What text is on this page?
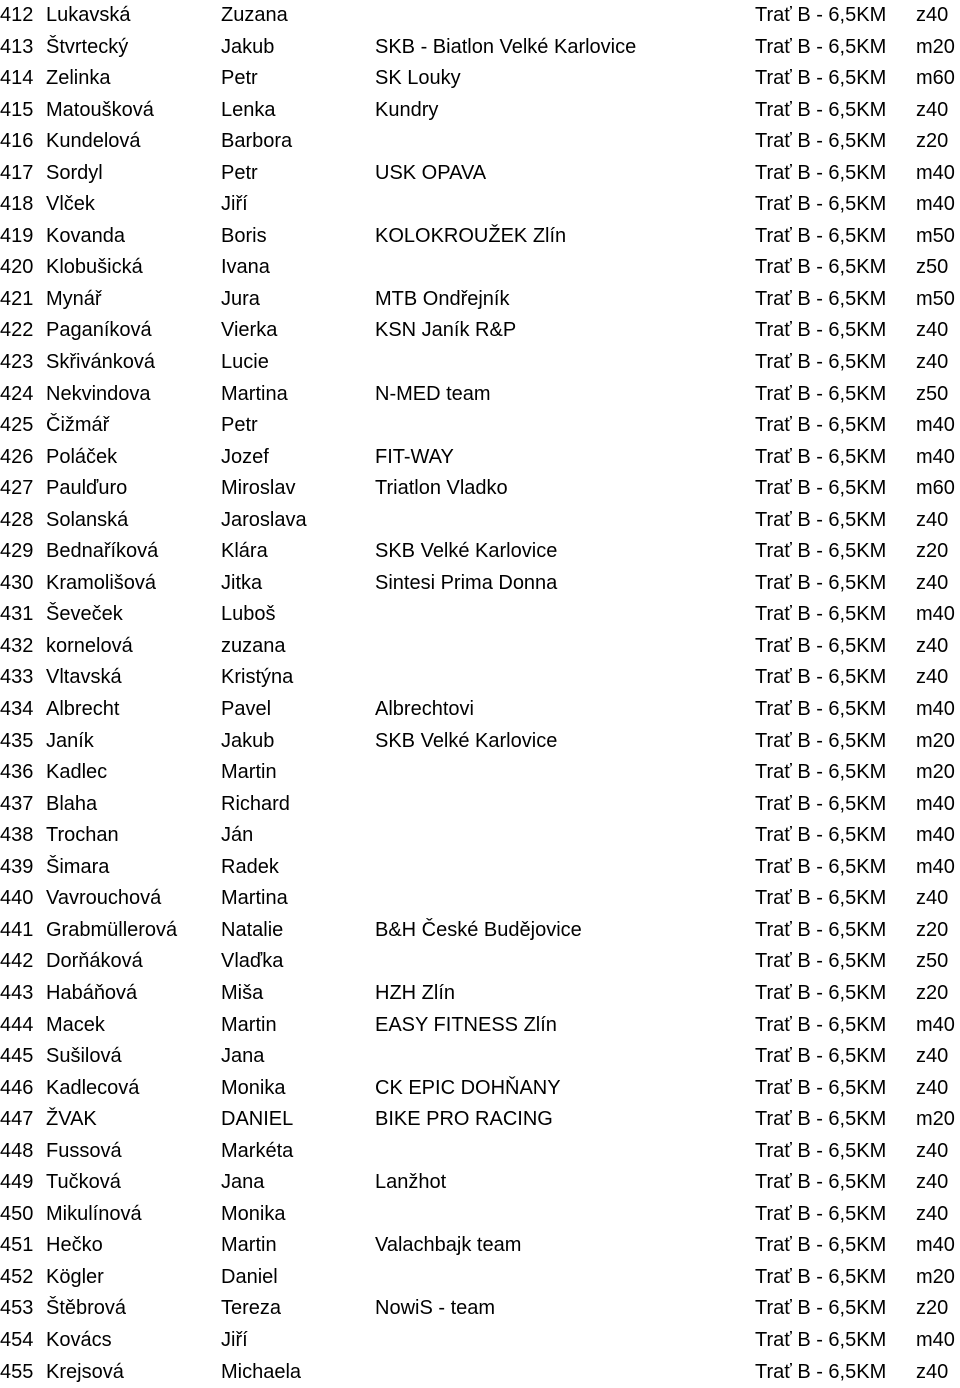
412 Lukavská	Zuzana	Trať B - 6,5KM z40
413 Štvrtecký	Jakub	SKB - Biatlon Velké Karlovice	Trať B - 6,5KM m20
414 Zelinka	Petr	SK Louky	Trať B - 6,5KM m60
415 Matoušková	Lenka	Kundry	Trať B - 6,5KM z40
416 Kundelová	Barbora	Trať B - 6,5KM z20
417 Sordyl	Petr	USK OPAVA	Trať B - 6,5KM m40
418 Vlček	Jiří	Trať B - 6,5KM m40
419 Kovanda	Boris	KOLOKROUŽEK Zlín	Trať B - 6,5KM m50
420 Klobušická	Ivana	Trať B - 6,5KM z50
421 Mynář	Jura	MTB Ondřejník	Trať B - 6,5KM m50
422 Paganíková	Vierka	KSN Janík R&P	Trať B - 6,5KM z40
423 Skřivánková	Lucie	Trať B - 6,5KM z40
424 Nekvindova	Martina	N-MED team	Trať B - 6,5KM z50
425 Čižmář	Petr	Trať B - 6,5KM m40
426 Poláček	Jozef	FIT-WAY	Trať B - 6,5KM m40
427 Paulďuro	Miroslav	Triatlon Vladko	Trať B - 6,5KM m60
428 Solanská	Jaroslava	Trať B - 6,5KM z40
429 Bednaříková	Klára	SKB Velké Karlovice	Trať B - 6,5KM z20
430 Kramolišová	Jitka	Sintesi Prima Donna	Trať B - 6,5KM z40
431 Ševeček	Luboš	Trať B - 6,5KM m40
432 kornelová	zuzana	Trať B - 6,5KM z40
433 Vltavská	Kristýna	Trať B - 6,5KM z40
434 Albrecht	Pavel	Albrechtovi	Trať B - 6,5KM m40
435 Janík	Jakub	SKB Velké Karlovice	Trať B - 6,5KM m20
436 Kadlec	Martin	Trať B - 6,5KM m20
437 Blaha	Richard	Trať B - 6,5KM m40
438 Trochan	Ján	Trať B - 6,5KM m40
439 Šimara	Radek	Trať B - 6,5KM m40
440 Vavrouchová	Martina	Trať B - 6,5KM z40
441 Grabmüllerová Natalie	B&H České Budějovice	Trať B - 6,5KM z20
442 Dorňáková	Vlaďka	Trať B - 6,5KM z50
443 Habáňová	Miša	HZH Zlín	Trať B - 6,5KM z20
444 Macek	Martin	EASY FITNESS Zlín	Trať B - 6,5KM m40
445 Sušilová	Jana	Trať B - 6,5KM z40
446 Kadlecová	Monika	CK EPIC DOHŇANY	Trať B - 6,5KM z40
447 ŽVAK	DANIEL	BIKE PRO RACING	Trať B - 6,5KM m20
448 Fussová	Markéta	Trať B - 6,5KM z40
449 Tučková	Jana	Lanžhot	Trať B - 6,5KM z40
450 Mikulínová	Monika	Trať B - 6,5KM z40
451 Hečko	Martin	Valachbajk team	Trať B - 6,5KM m40
452 Kögler	Daniel	Trať B - 6,5KM m20
453 Štěbrová	Tereza	NowiS - team	Trať B - 6,5KM z20
454 Kovács	Jiří	Trať B - 6,5KM m40
455 Krejsová	Michaela	Trať B - 6,5KM z40
